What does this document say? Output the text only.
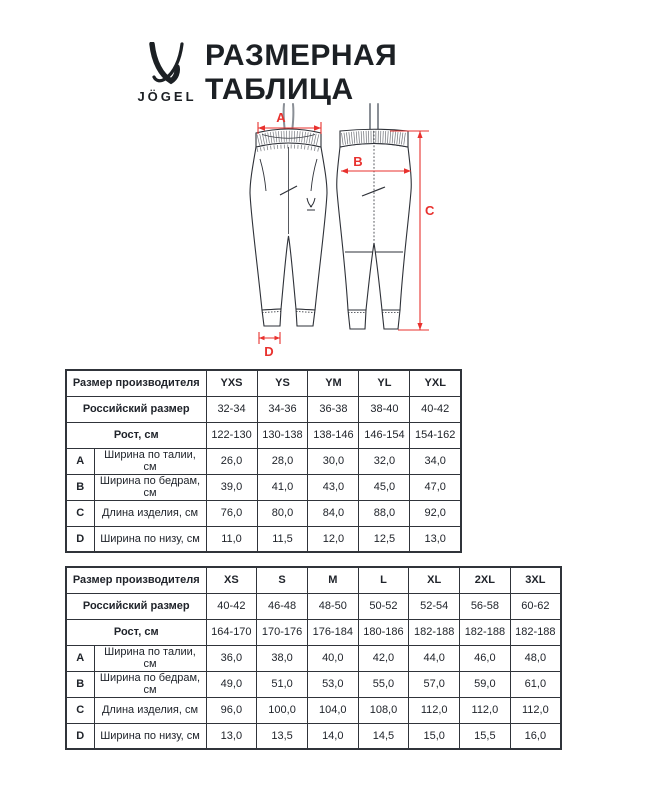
JÖGEL
РАЗМЕРНАЯ ТАБЛИЦА
A
B
C
D
Размер производителя		YXS	YS	YM	YL	YXL
Российский размер		32-34	34-36	36-38	38-40	40-42
Рост, см		122-130	130-138	138-146	146-154	154-162
A	Ширина по талии, см	26,0	28,0	30,0	32,0	34,0
B	Ширина по бедрам, см	39,0	41,0	43,0	45,0	47,0
C	Длина изделия, см	76,0	80,0	84,0	88,0	92,0
D	Ширина по низу, см	11,0	11,5	12,0	12,5	13,0
Размер производителя		XS	S	M	L	XL	2XL	3XL
Российский размер		40-42	46-48	48-50	50-52	52-54	56-58	60-62
Рост, см		164-170	170-176	176-184	180-186	182-188	182-188	182-188
A	Ширина по талии, см	36,0	38,0	40,0	42,0	44,0	46,0	48,0
B	Ширина по бедрам, см	49,0	51,0	53,0	55,0	57,0	59,0	61,0
C	Длина изделия, см	96,0	100,0	104,0	108,0	112,0	112,0	112,0
D	Ширина по низу, см	13,0	13,5	14,0	14,5	15,0	15,5	16,0
